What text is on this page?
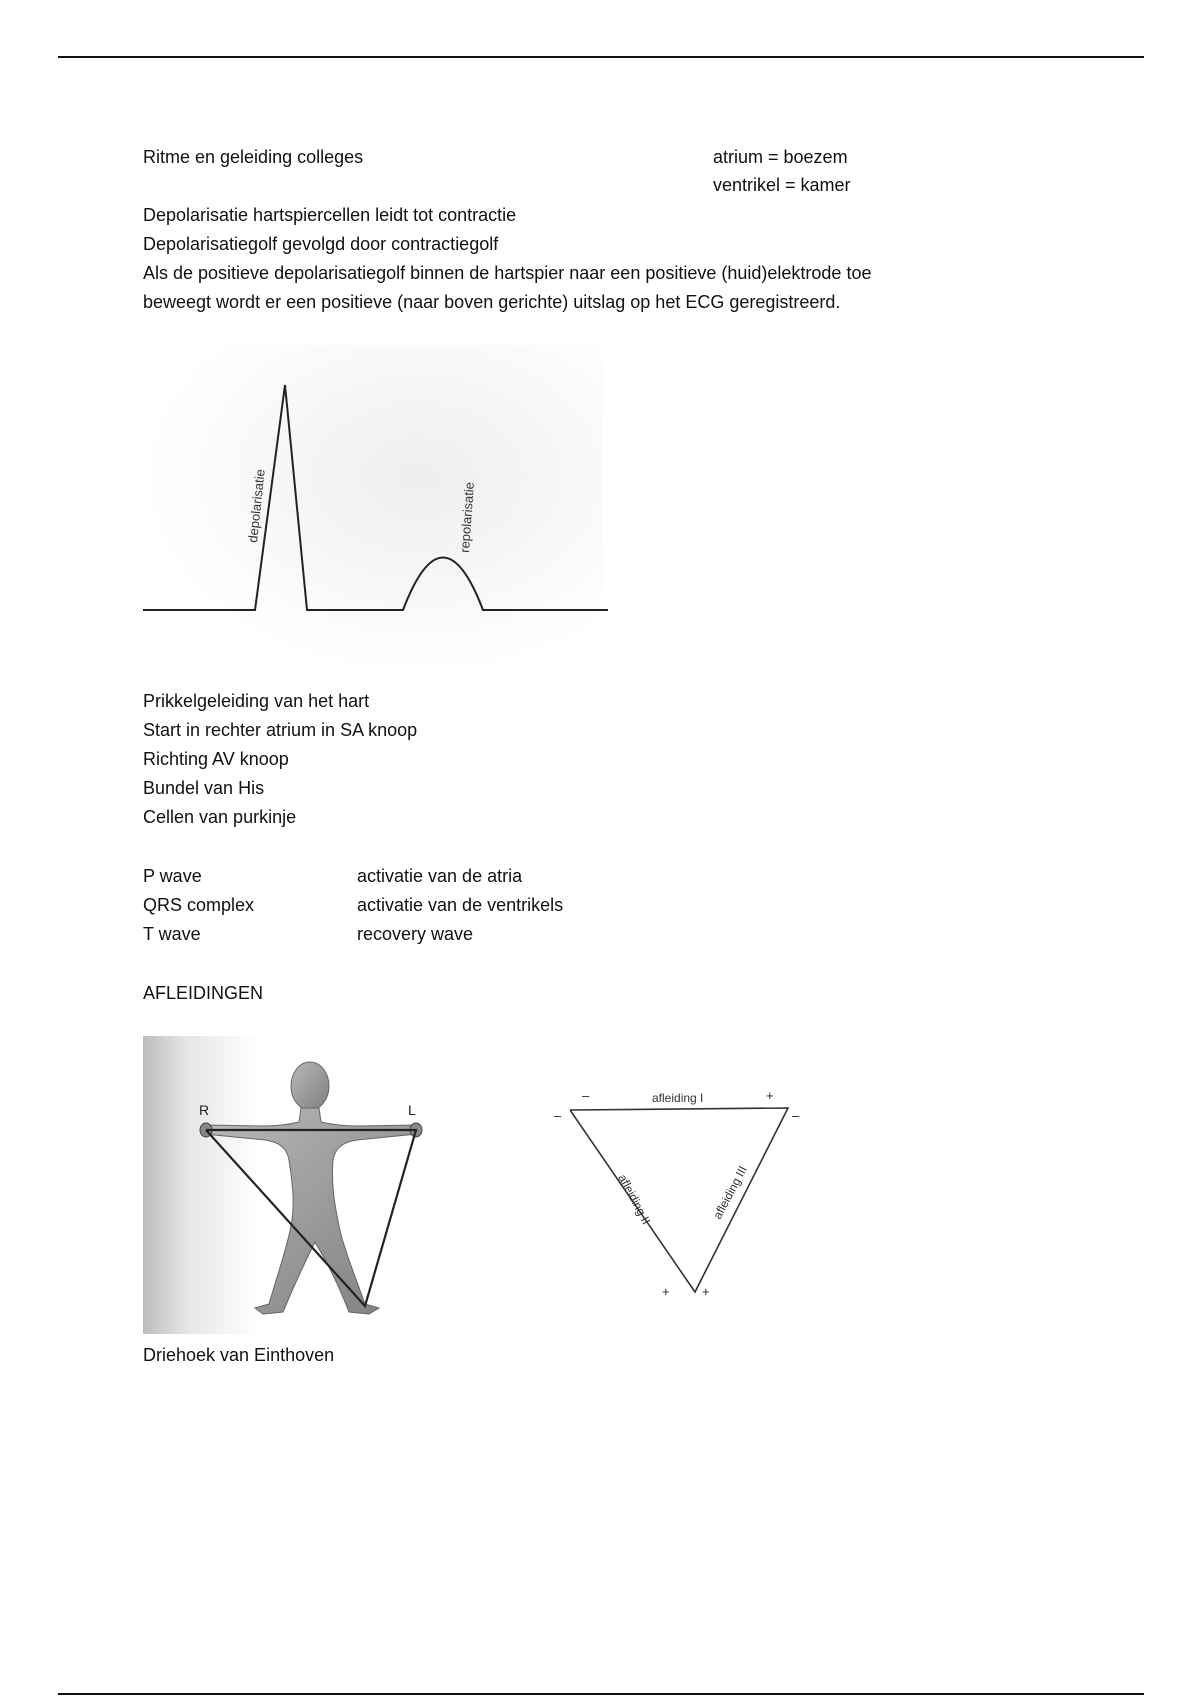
Ritme en geleiding colleges	atrium = boezem
ventrikel = kamer
Depolarisatie hartspiercellen leidt tot contractie
Depolarisatiegolf gevolgd door contractiegolf
Als de positieve depolarisatiegolf binnen de hartspier naar een positieve (huid)elektrode toe
beweegt wordt er een positieve (naar boven gerichte) uitslag op het ECG geregistreerd.
depolarisatie	repolarisatie
Prikkelgeleiding van het hart
Start in rechter atrium in SA knoop
Richting AV knoop
Bundel van His
Cellen van purkinje
P wave	activatie van de atria
QRS complex	activatie van de ventrikels
T wave	recovery wave
AFLEIDINGEN
R	L
afleiding I
afleiding II	afleiding III
–	+
–	–
+ +
Driehoek van Einthoven
